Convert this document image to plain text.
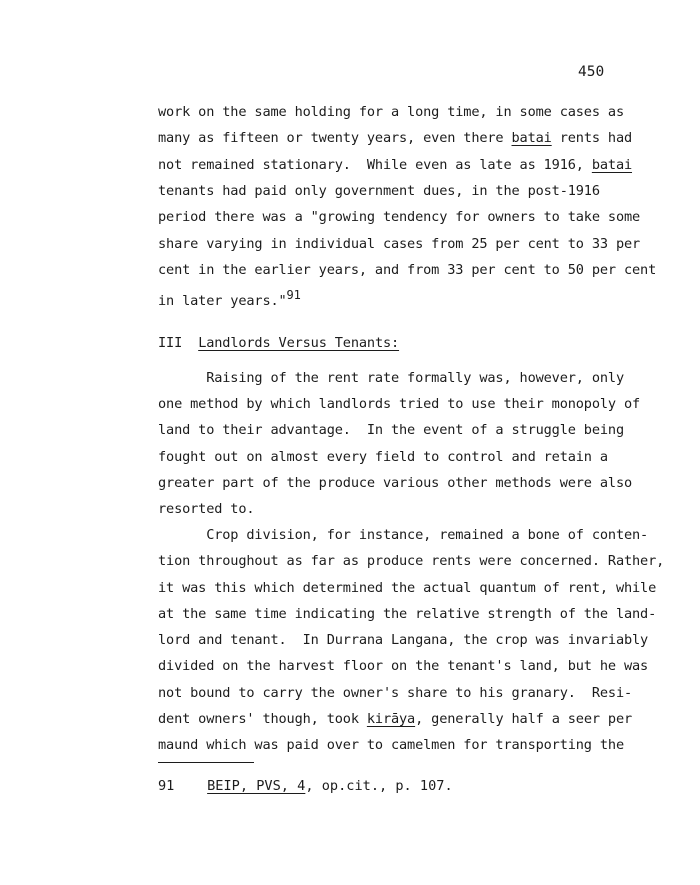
450
work on the same holding for a long time, in some cases as
many as fifteen or twenty years, even there batai rents had
not remained stationary.  While even as late as 1916, batai
tenants had paid only government dues, in the post-1916
period there was a "growing tendency for owners to take some
share varying in individual cases from 25 per cent to 33 per
cent in the earlier years, and from 33 per cent to 50 per cent
in later years."$^{91}$
III Landlords Versus Tenants:
Raising of the rent rate formally was, however, only
one method by which landlords tried to use their monopoly of
land to their advantage.  In the event of a struggle being
fought out on almost every field to control and retain a
greater part of the produce various other methods were also
resorted to.
Crop division, for instance, remained a bone of conten-
tion throughout as far as produce rents were concerned. Rather,
it was this which determined the actual quantum of rent, while
at the same time indicating the relative strength of the land-
lord and tenant.  In Durrana Langana, the crop was invariably
divided on the harvest floor on the tenant's land, but he was
not bound to carry the owner's share to his granary.  Resi-
dent owners' though, took kirāya, generally half a seer per
maund which was paid over to camelmen for transporting the
91 BEIP, PVS, 4, op.cit., p. 107.
